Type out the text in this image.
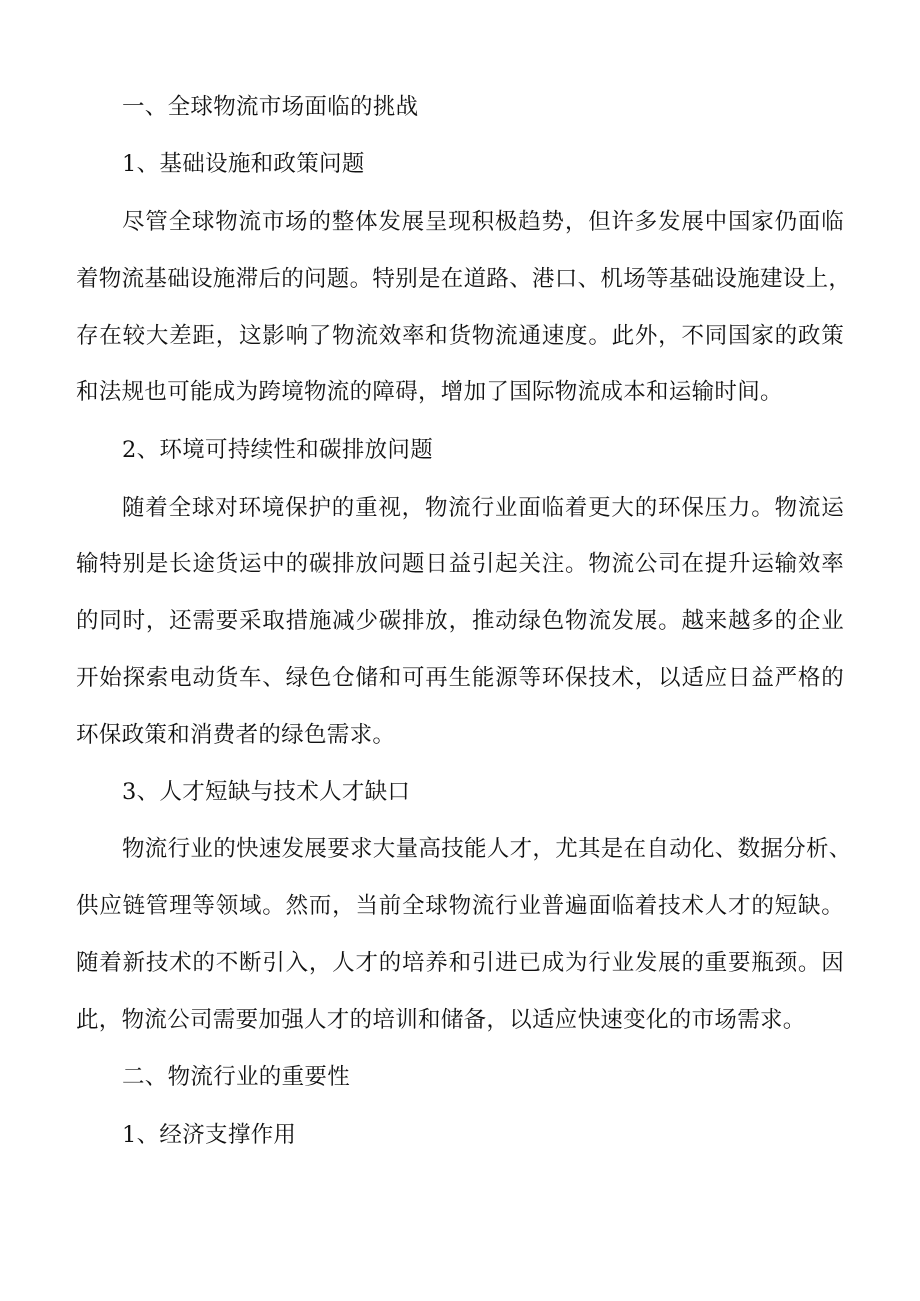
一、全球物流市场面临的挑战
1、基础设施和政策问题
尽管全球物流市场的整体发展呈现积极趋势，但许多发展中国家仍面临
着物流基础设施滞后的问题。特别是在道路、港口、机场等基础设施建设上，
存在较大差距，这影响了物流效率和货物流通速度。此外，不同国家的政策
和法规也可能成为跨境物流的障碍，增加了国际物流成本和运输时间。
2、环境可持续性和碳排放问题
随着全球对环境保护的重视，物流行业面临着更大的环保压力。物流运
输特别是长途货运中的碳排放问题日益引起关注。物流公司在提升运输效率
的同时，还需要采取措施减少碳排放，推动绿色物流发展。越来越多的企业
开始探索电动货车、绿色仓储和可再生能源等环保技术，以适应日益严格的
环保政策和消费者的绿色需求。
3、人才短缺与技术人才缺口
物流行业的快速发展要求大量高技能人才，尤其是在自动化、数据分析、
供应链管理等领域。然而，当前全球物流行业普遍面临着技术人才的短缺。
随着新技术的不断引入，人才的培养和引进已成为行业发展的重要瓶颈。因
此，物流公司需要加强人才的培训和储备，以适应快速变化的市场需求。
二、物流行业的重要性
1、经济支撑作用
